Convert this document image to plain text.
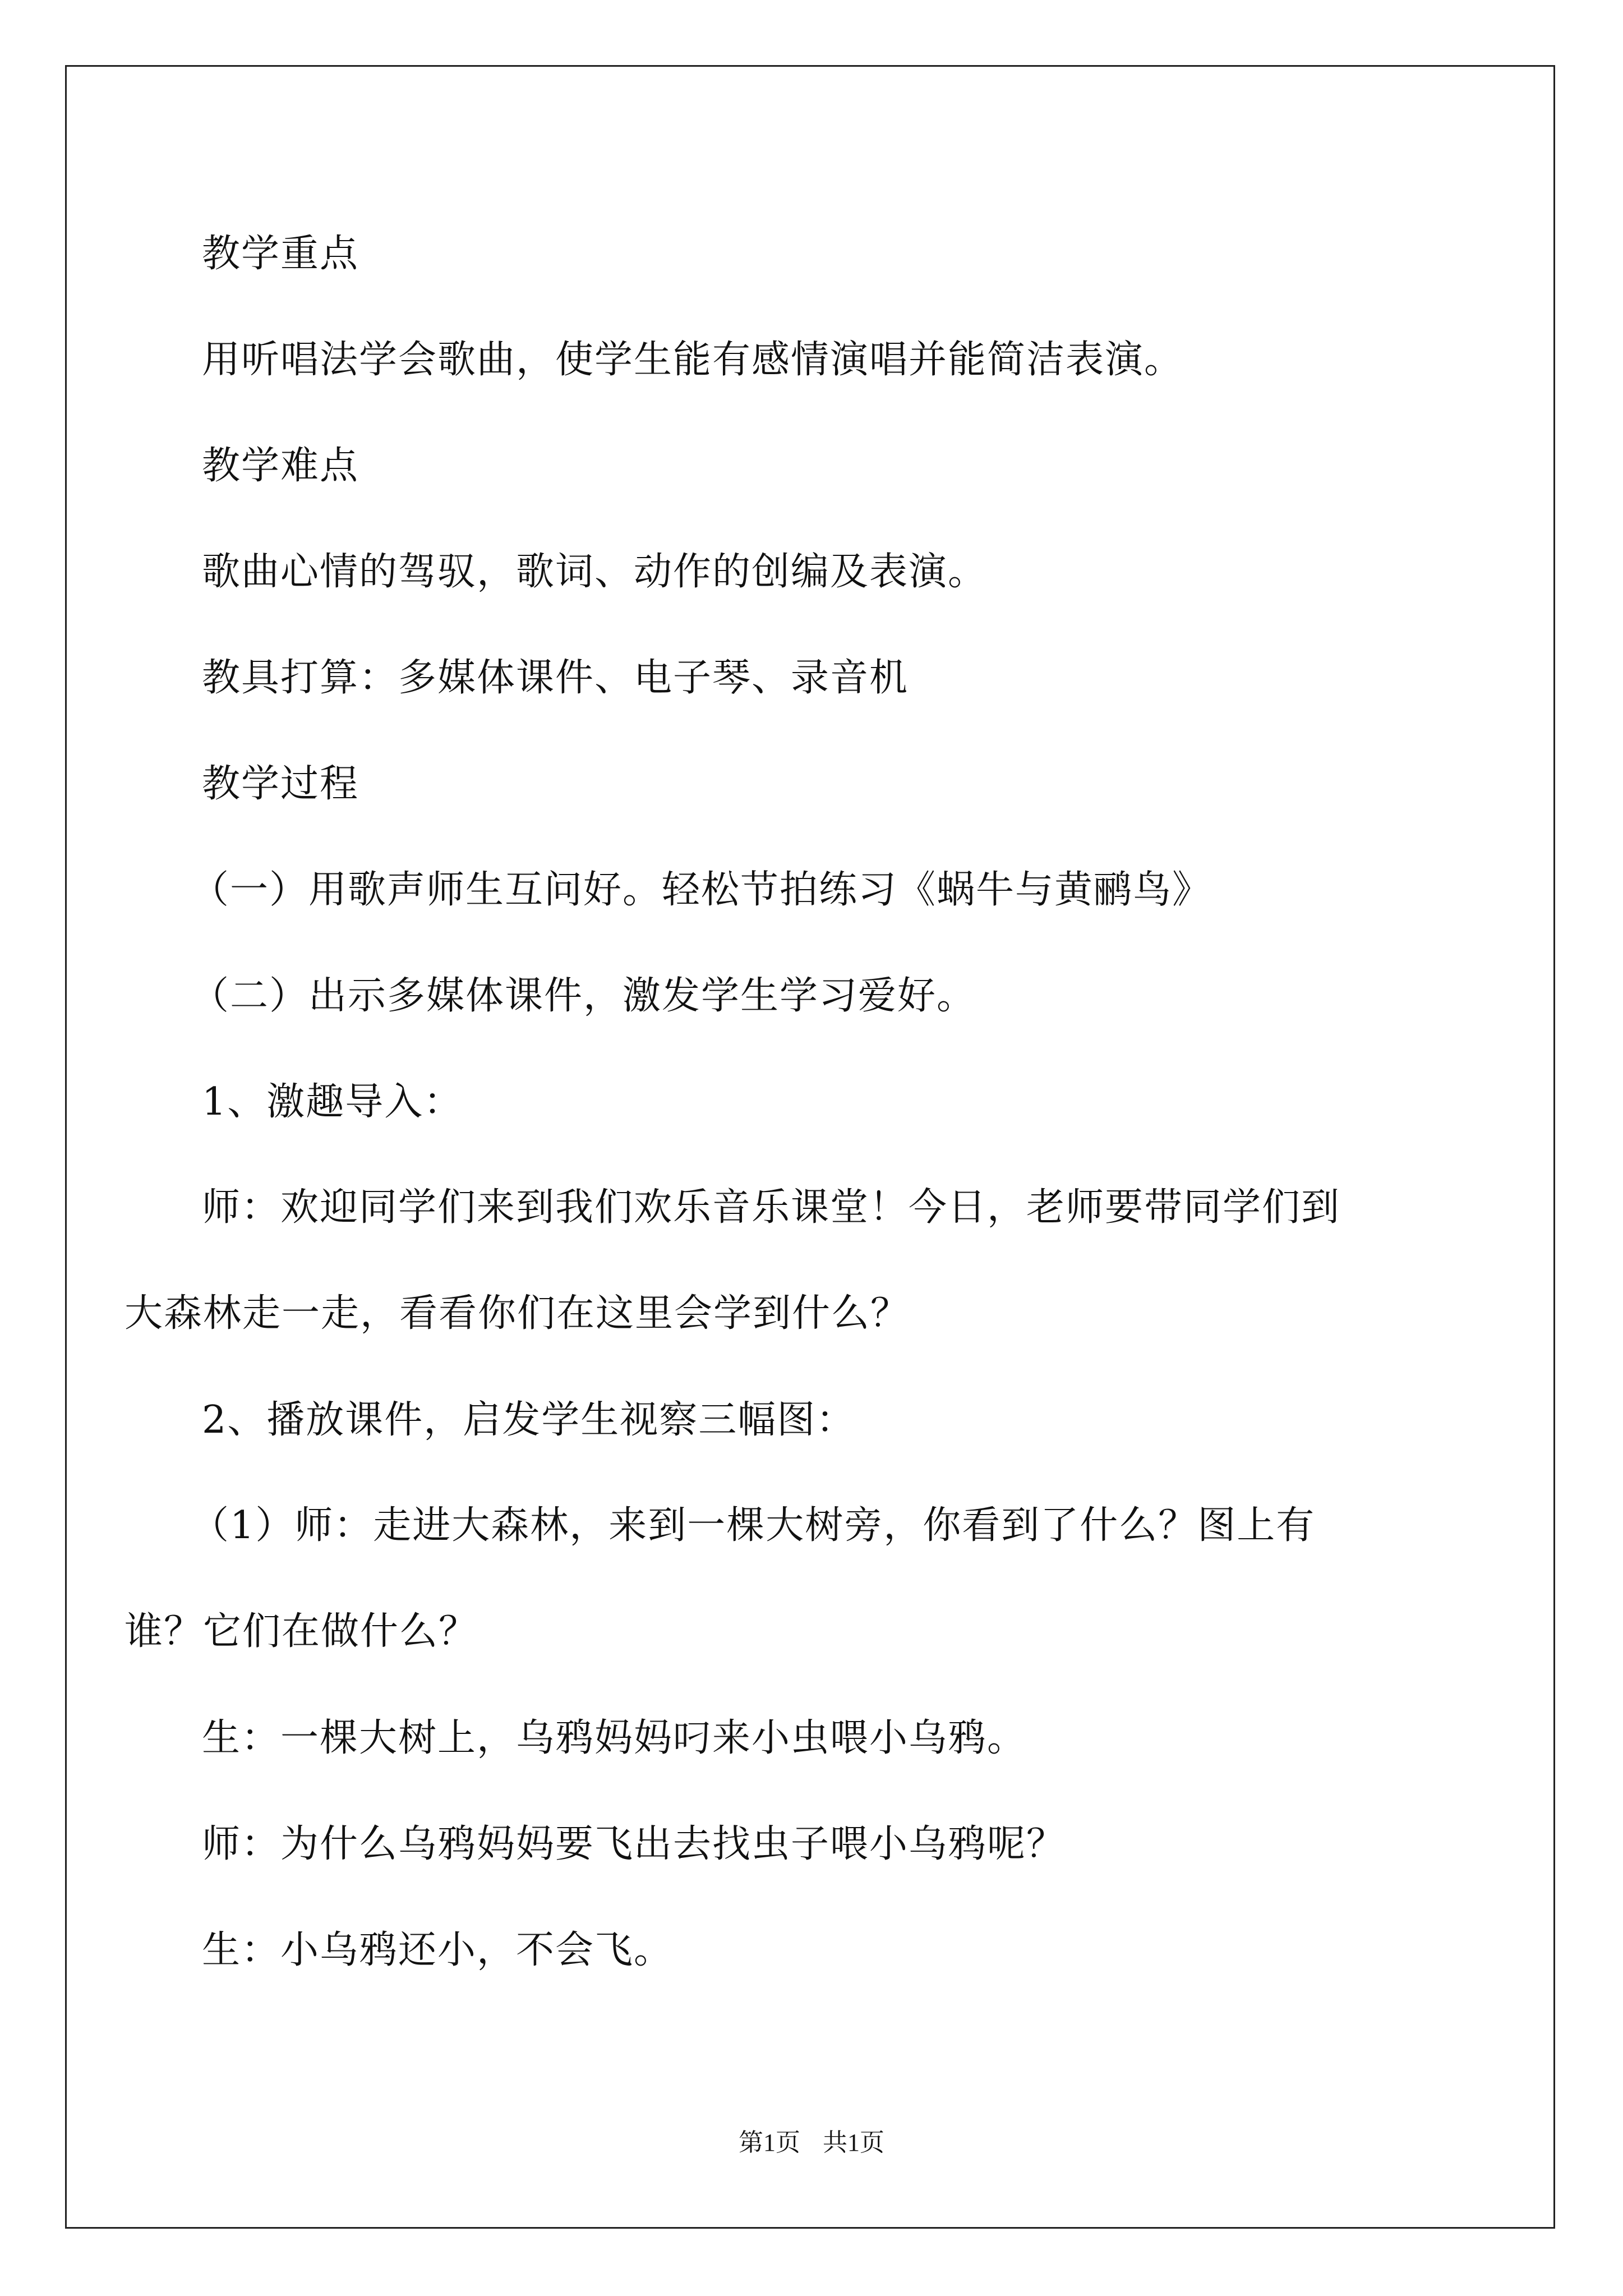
教学重点

用听唱法学会歌曲，使学生能有感情演唱并能简洁表演。

教学难点

歌曲心情的驾驭，歌词、动作的创编及表演。

教具打算：多媒体课件、电子琴、录音机

教学过程

（一）用歌声师生互问好。轻松节拍练习《蜗牛与黄鹂鸟》

（二）出示多媒体课件，激发学生学习爱好。

1、激趣导入：

师：欢迎同学们来到我们欢乐音乐课堂！今日，老师要带同学们到大森林走一走，看看你们在这里会学到什么？

2、播放课件，启发学生视察三幅图：

（1）师：走进大森林，来到一棵大树旁，你看到了什么？图上有谁？它们在做什么？

生：一棵大树上，乌鸦妈妈叼来小虫喂小乌鸦。

师：为什么乌鸦妈妈要飞出去找虫子喂小乌鸦呢？

生：小乌鸦还小，不会飞。

第1页 共1页
